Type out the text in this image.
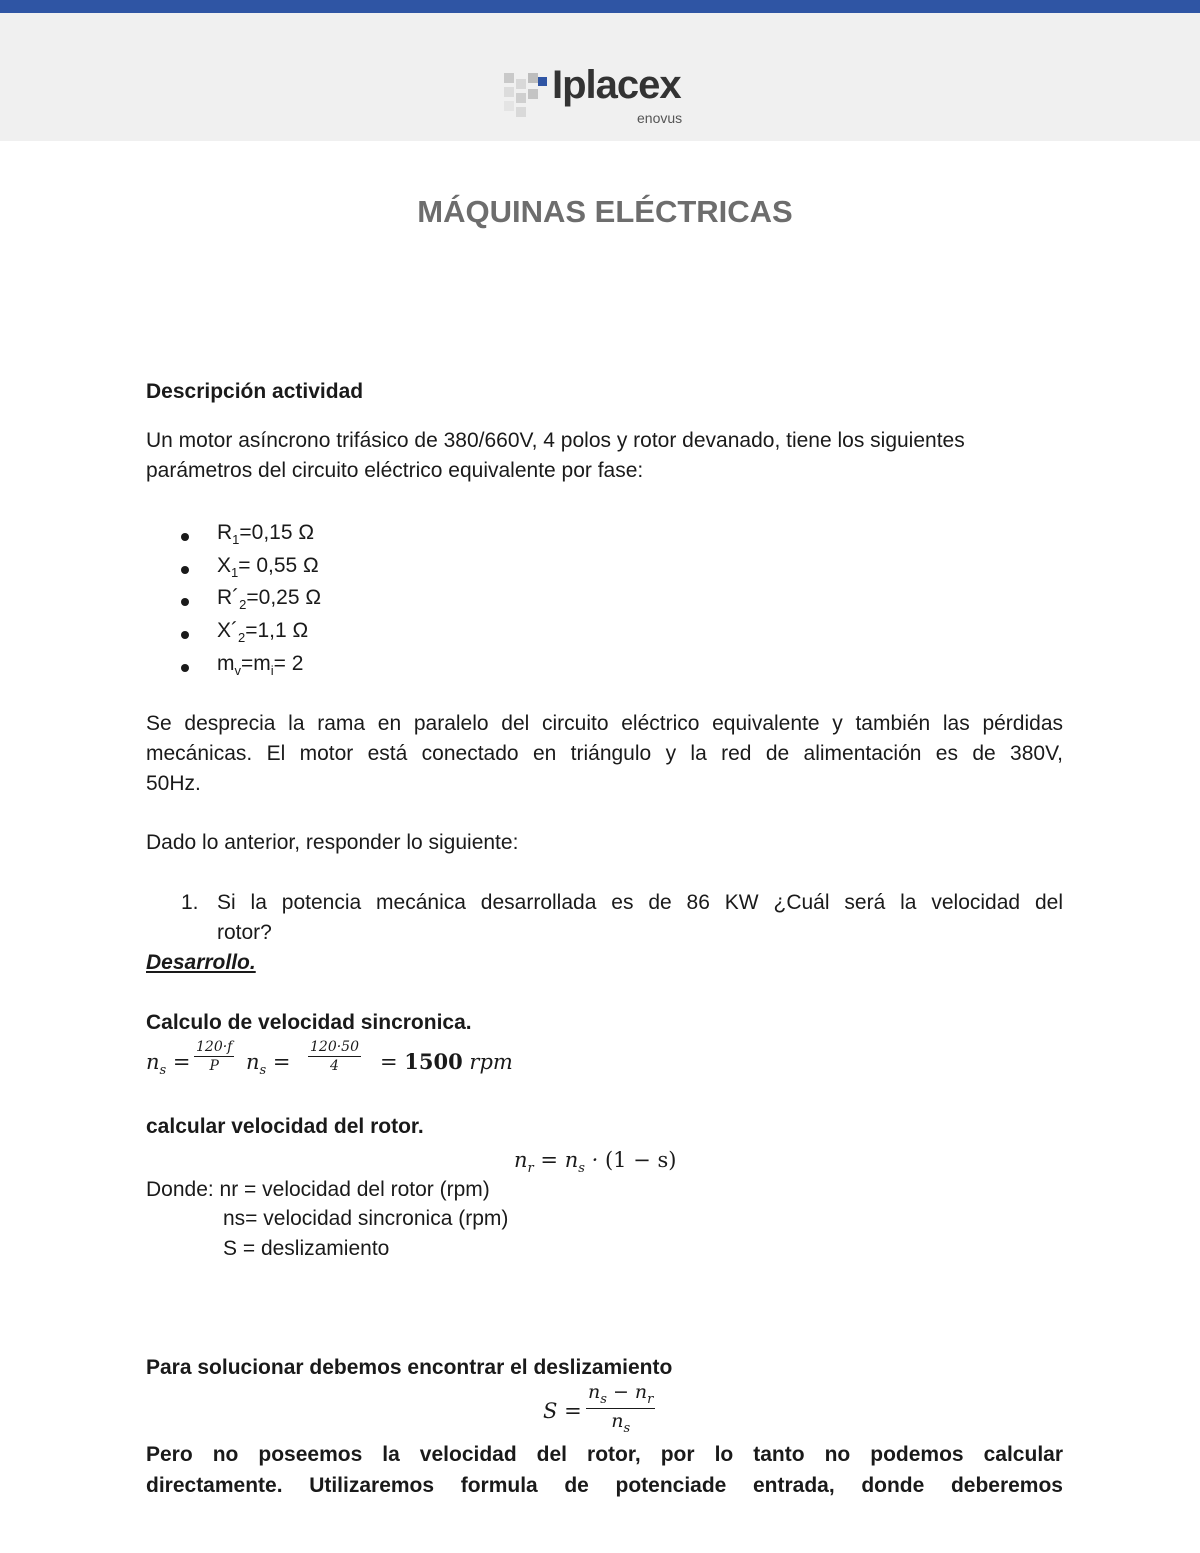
Iplacex
enovus
MÁQUINAS ELÉCTRICAS
Descripción actividad
Un motor asíncrono trifásico de 380/660V, 4 polos y rotor devanado, tiene los siguientes
parámetros del circuito eléctrico equivalente por fase:
$R_1=0,15$ Ω
$X_1= 0,55$ Ω
$R´_2=0,25$ Ω
$X´_2=1,1$ Ω
$m_v=m_i= 2$
Se desprecia la rama en paralelo del circuito eléctrico equivalente y también las pérdidas
mecánicas. El motor está conectado en triángulo y la red de alimentación es de 380V,
50Hz.
Dado lo anterior, responder lo siguiente:
1. Si la potencia mecánica desarrollada es de 86 KW ¿Cuál será la velocidad del
rotor?
Desarrollo.
Calculo de velocidad sincronica.
$n_s = \frac{120\cdot f}{P} n_s = \frac{120\cdot 50}{4} = 1500$ rpm
calcular velocidad del rotor.
$n_r = n_s \cdot (1 - s)$
Donde: nr = velocidad del rotor (rpm)
ns= velocidad sincronica (rpm)
S = deslizamiento
Para solucionar debemos encontrar el deslizamiento
$S = \frac{n_s - n_r}{n_s}$
Pero no poseemos la velocidad del rotor, por lo tanto no podemos calcular
directamente. Utilizaremos formula de potenciade entrada, donde deberemos
